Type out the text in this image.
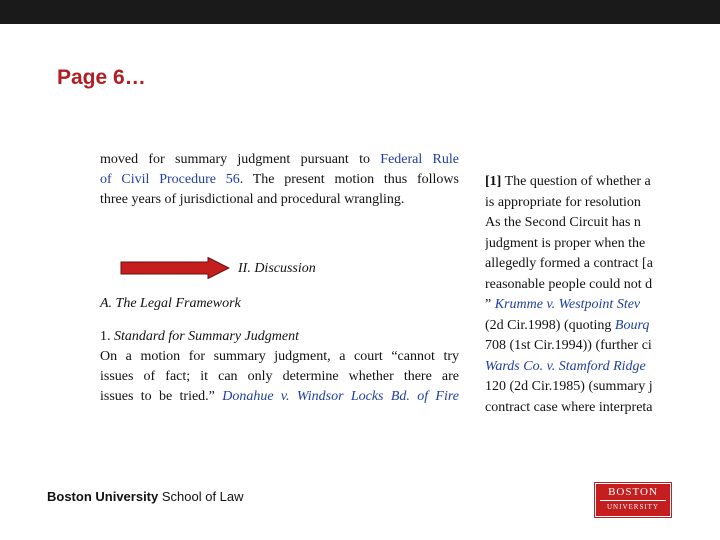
Page 6…
moved for summary judgment pursuant to Federal Rule
of Civil Procedure 56. The present motion thus follows
three years of jurisdictional and procedural wrangling.
II. Discussion
A. The Legal Framework
1. Standard for Summary Judgment
On a motion for summary judgment, a court “cannot try
issues of fact; it can only determine whether there are
issues to be tried.” Donahue v. Windsor Locks Bd. of Fire
[1] The question of whether a
is appropriate for resolution
As the Second Circuit has n
judgment is proper when the
allegedly formed a contract [a
reasonable people could not d
” Krumme v. Westpoint Stev
(2d Cir.1998) (quoting Bourq
708 (1st Cir.1994)) (further ci
Wards Co. v. Stamford Ridge
120 (2d Cir.1985) (summary j
contract case where interpreta
Boston University School of Law	BOSTON
UNIVERSITY
